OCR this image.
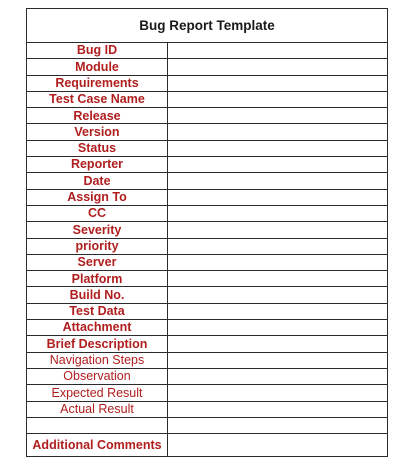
Bug Report Template
Bug ID
Module
Requirements
Test Case Name
Release
Version
Status
Reporter
Date
Assign To
CC
Severity
priority
Server
Platform
Build No.
Test Data
Attachment
Brief Description
Navigation Steps
Observation
Expected Result
Actual Result
Additional Comments
